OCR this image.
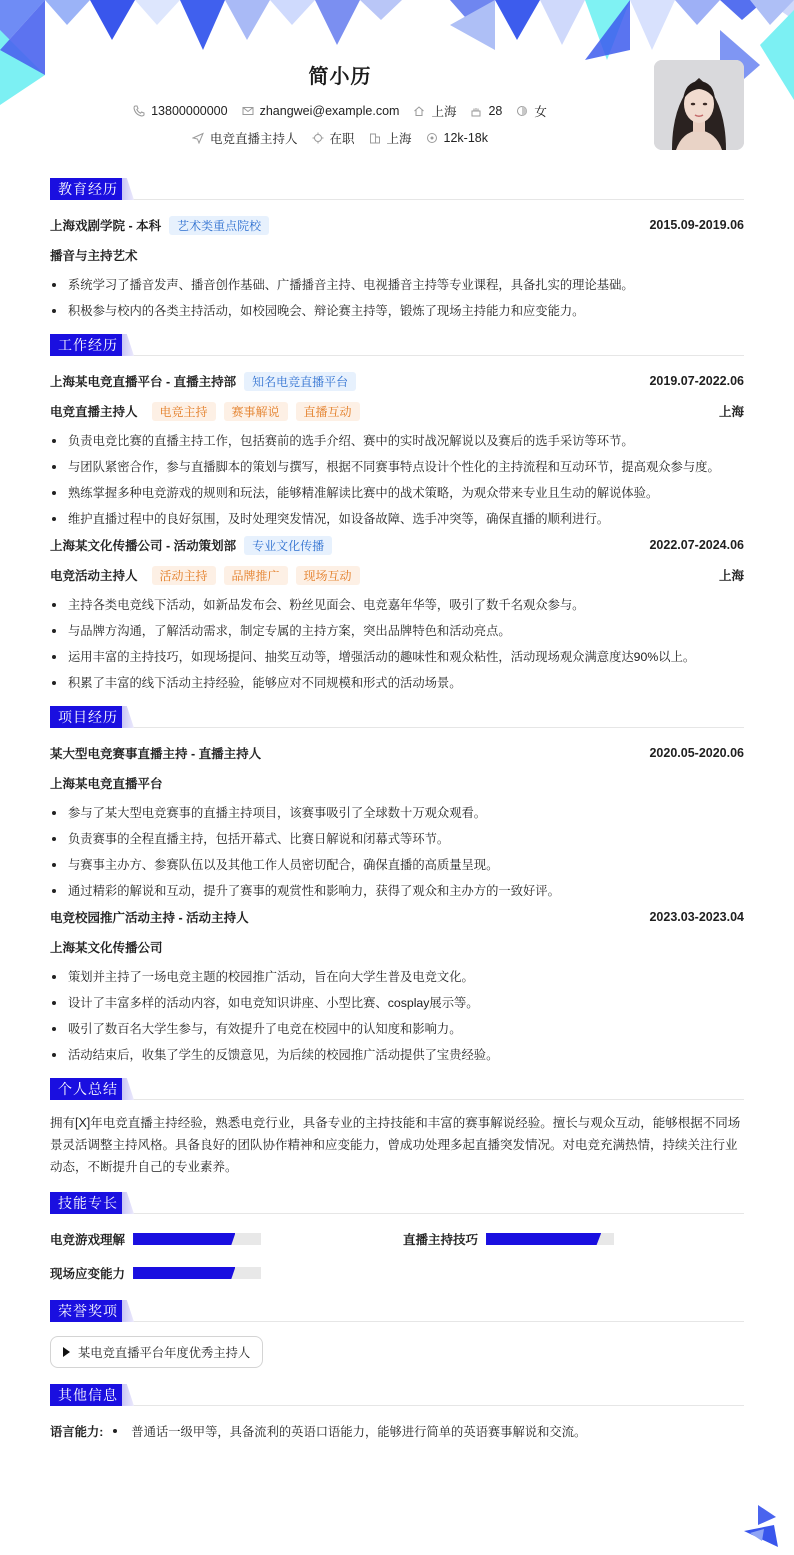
简小历
13800000000	zhangwei@example.com	上海	28	女
电竞直播主持人	在职	上海	12k-18k
教育经历
上海戏剧学院 - 本科	艺术类重点院校	2015.09-2019.06
播音与主持艺术
系统学习了播音发声、播音创作基础、广播播音主持、电视播音主持等专业课程，具备扎实的理论基础。
积极参与校内的各类主持活动，如校园晚会、辩论赛主持等，锻炼了现场主持能力和应变能力。
工作经历
上海某电竞直播平台 - 直播主持部	知名电竞直播平台	2019.07-2022.06
电竞直播主持人	电竞主持	赛事解说	直播互动	上海
负责电竞比赛的直播主持工作，包括赛前的选手介绍、赛中的实时战况解说以及赛后的选手采访等环节。
与团队紧密合作，参与直播脚本的策划与撰写，根据不同赛事特点设计个性化的主持流程和互动环节，提高观众参与度。
熟练掌握多种电竞游戏的规则和玩法，能够精准解读比赛中的战术策略，为观众带来专业且生动的解说体验。
维护直播过程中的良好氛围，及时处理突发情况，如设备故障、选手冲突等，确保直播的顺利进行。
上海某文化传播公司 - 活动策划部	专业文化传播	2022.07-2024.06
电竞活动主持人	活动主持	品牌推广	现场互动	上海
主持各类电竞线下活动，如新品发布会、粉丝见面会、电竞嘉年华等，吸引了数千名观众参与。
与品牌方沟通，了解活动需求，制定专属的主持方案，突出品牌特色和活动亮点。
运用丰富的主持技巧，如现场提问、抽奖互动等，增强活动的趣味性和观众粘性，活动现场观众满意度达90%以上。
积累了丰富的线下活动主持经验，能够应对不同规模和形式的活动场景。
项目经历
某大型电竞赛事直播主持 - 直播主持人	2020.05-2020.06
上海某电竞直播平台
参与了某大型电竞赛事的直播主持项目，该赛事吸引了全球数十万观众观看。
负责赛事的全程直播主持，包括开幕式、比赛日解说和闭幕式等环节。
与赛事主办方、参赛队伍以及其他工作人员密切配合，确保直播的高质量呈现。
通过精彩的解说和互动，提升了赛事的观赏性和影响力，获得了观众和主办方的一致好评。
电竞校园推广活动主持 - 活动主持人	2023.03-2023.04
上海某文化传播公司
策划并主持了一场电竞主题的校园推广活动，旨在向大学生普及电竞文化。
设计了丰富多样的活动内容，如电竞知识讲座、小型比赛、cosplay展示等。
吸引了数百名大学生参与，有效提升了电竞在校园中的认知度和影响力。
活动结束后，收集了学生的反馈意见，为后续的校园推广活动提供了宝贵经验。
个人总结
拥有[X]年电竞直播主持经验，熟悉电竞行业，具备专业的主持技能和丰富的赛事解说经验。擅长与观众互动，能够根据不同场景灵活调整主持风格。具备良好的团队协作精神和应变能力，曾成功处理多起直播突发情况。对电竞充满热情，持续关注行业动态，不断提升自己的专业素养。
技能专长
电竞游戏理解	直播主持技巧
现场应变能力
荣誉奖项
某电竞直播平台年度优秀主持人
其他信息
语言能力: 普通话一级甲等，具备流利的英语口语能力，能够进行简单的英语赛事解说和交流。
